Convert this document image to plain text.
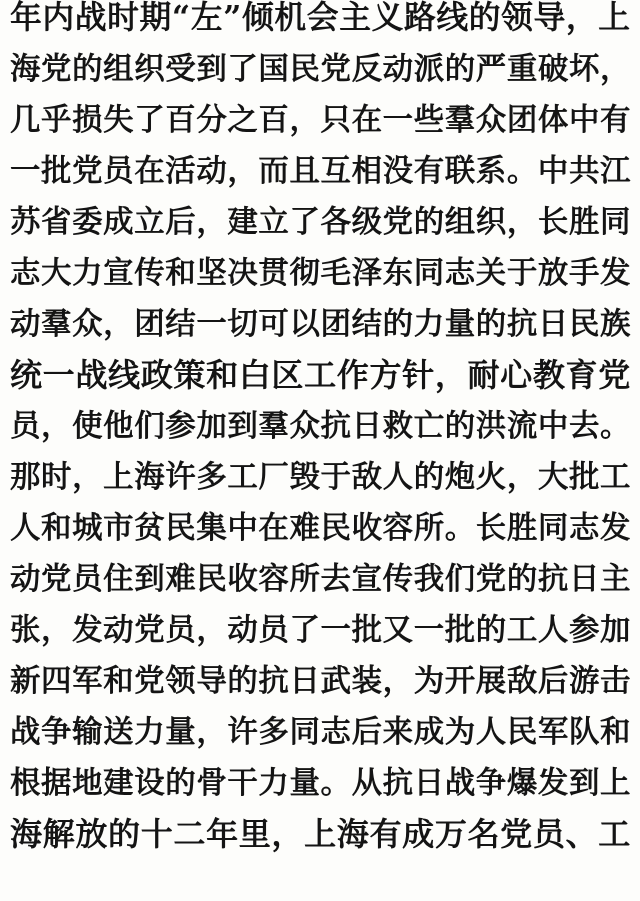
年内战时期“左”倾机会主义路线的领导，上
海党的组织受到了国民党反动派的严重破坏，
几乎损失了百分之百，只在一些羣众团体中有
一批党员在活动，而且互相没有联系。中共江
苏省委成立后，建立了各级党的组织，长胜同
志大力宣传和坚决贯彻毛泽东同志关于放手发
动羣众，团结一切可以团结的力量的抗日民族
统一战线政策和白区工作方针，耐心教育党
员，使他们参加到羣众抗日救亡的洪流中去。
那时，上海许多工厂毁于敌人的炮火，大批工
人和城市贫民集中在难民收容所。长胜同志发
动党员住到难民收容所去宣传我们党的抗日主
张，发动党员，动员了一批又一批的工人参加
新四军和党领导的抗日武装，为开展敌后游击
战争输送力量，许多同志后来成为人民军队和
根据地建设的骨干力量。从抗日战争爆发到上
海解放的十二年里，上海有成万名党员、工
